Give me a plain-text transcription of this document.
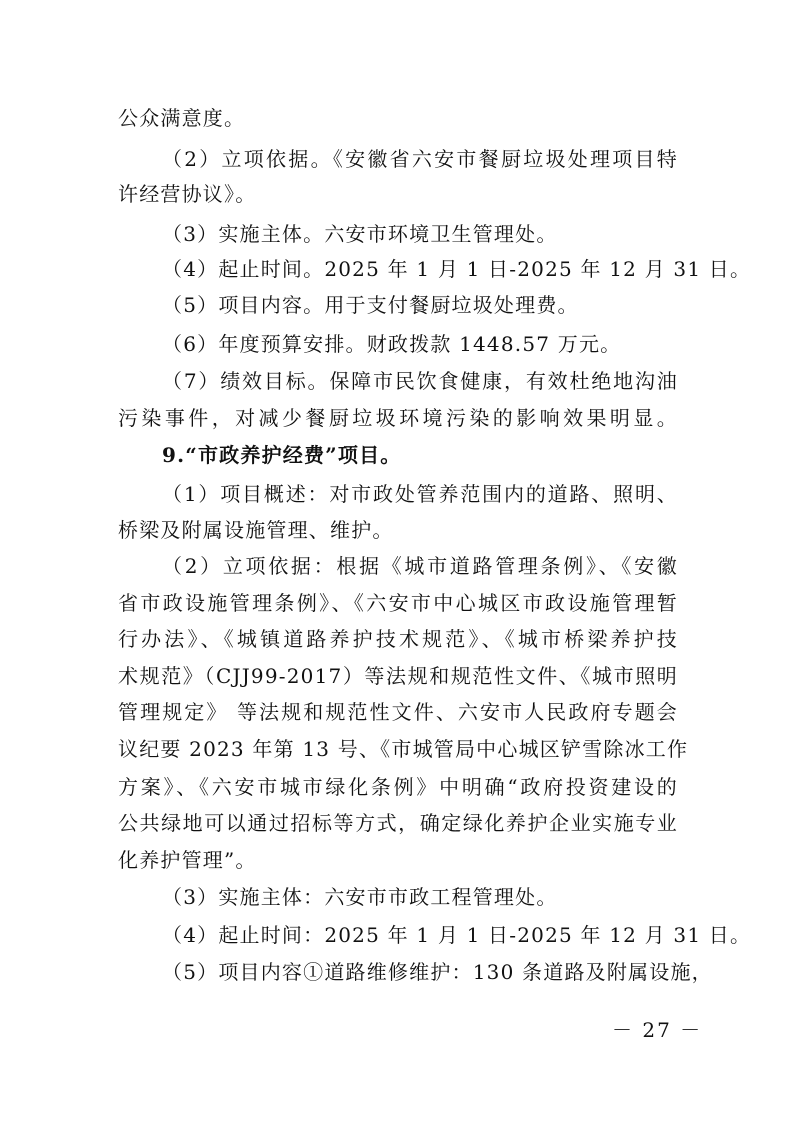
公众满意度。
（2）立项依据。《安徽省六安市餐厨垃圾处理项目特
许经营协议》。
（3）实施主体。六安市环境卫生管理处。
（4）起止时间。2025 年 1 月 1 日-2025 年 12 月 31 日。
（5）项目内容。用于支付餐厨垃圾处理费。
（6）年度预算安排。财政拨款 1448.57 万元。
（7）绩效目标。保障市民饮食健康，有效杜绝地沟油
污染事件，对减少餐厨垃圾环境污染的影响效果明显。
9.“市政养护经费”项目。
（1）项目概述：对市政处管养范围内的道路、照明、
桥梁及附属设施管理、维护。
（2）立项依据：根据《城市道路管理条例》、《安徽
省市政设施管理条例》、《六安市中心城区市政设施管理暂
行办法》、《城镇道路养护技术规范》、《城市桥梁养护技
术规范》（CJJ99-2017）等法规和规范性文件、《城市照明
管理规定》 等法规和规范性文件、六安市人民政府专题会
议纪要 2023 年第 13 号、《市城管局中心城区铲雪除冰工作
方案》、《六安市城市绿化条例》中明确“政府投资建设的
公共绿地可以通过招标等方式，确定绿化养护企业实施专业
化养护管理”。
（3）实施主体：六安市市政工程管理处。
（4）起止时间：2025 年 1 月 1 日-2025 年 12 月 31 日。
（5）项目内容①道路维修维护：130 条道路及附属设施，
－ 27 －
